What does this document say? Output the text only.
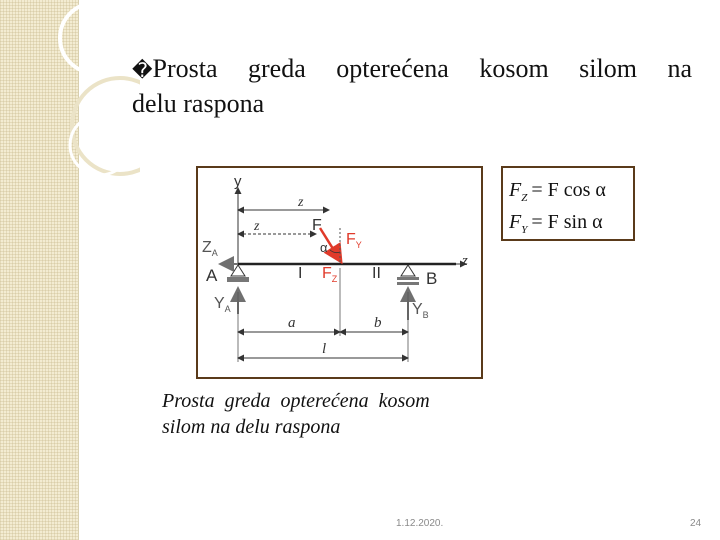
�Prosta greda opterećena kosom silom na
delu raspona
y
z
z
z
$Z_A$
A
$Y_A$
B
$Y_B$
F
α $F_Y$
$F_Z$
I	II
a	b
l
$F_Z = F$ cos α
$F_Y = F$ sin α
Prosta  greda  opterećena  kosom
silom na delu raspona
1.12.2020.	24
